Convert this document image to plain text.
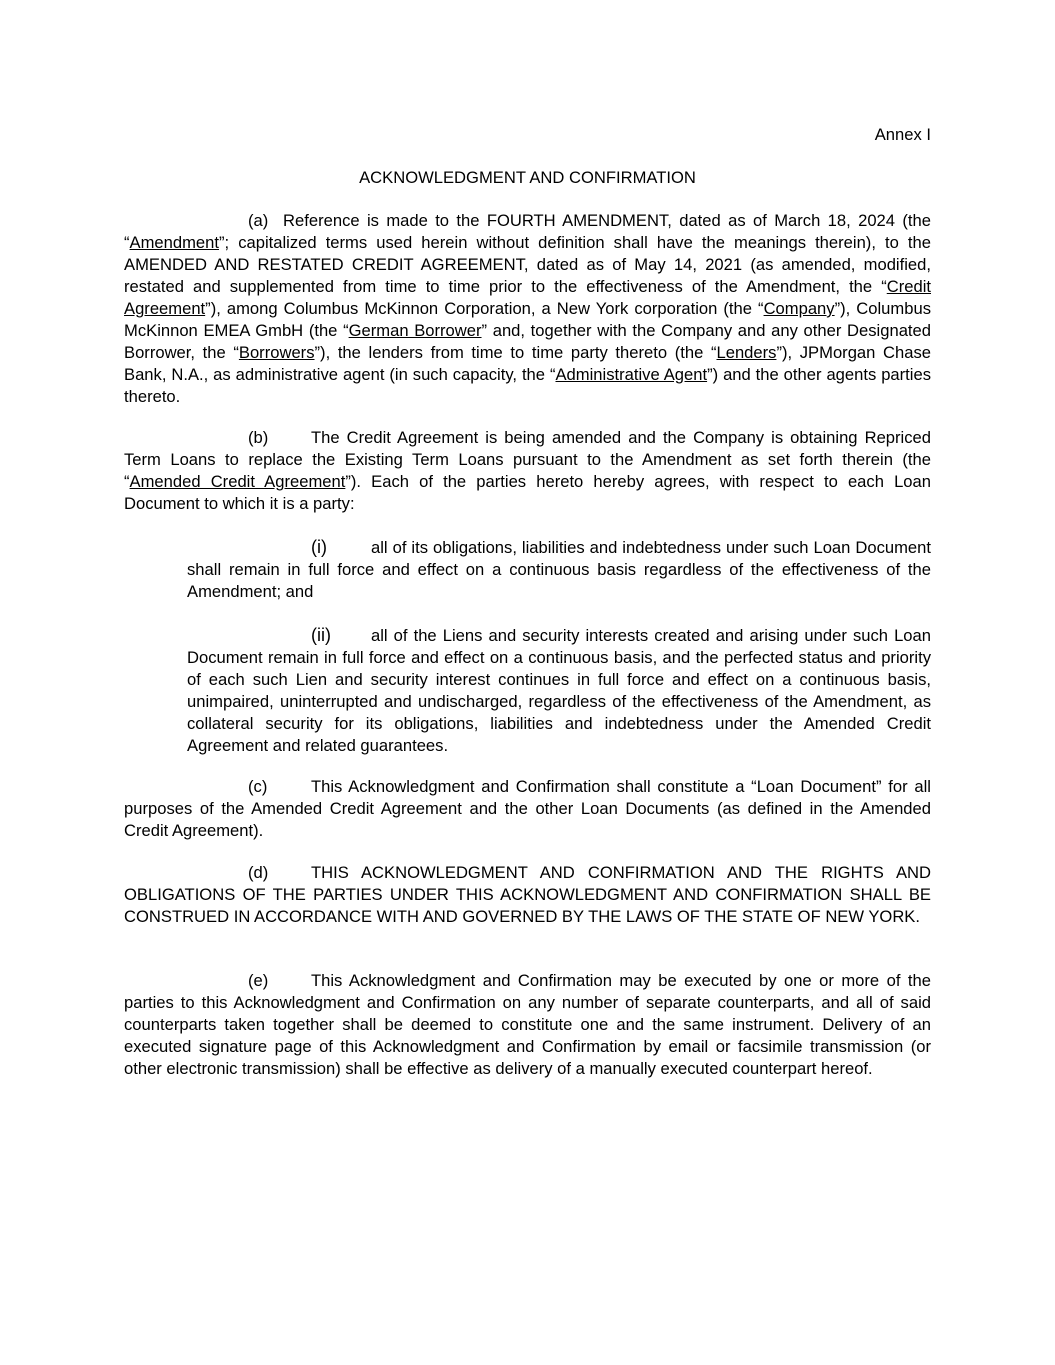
Annex I
ACKNOWLEDGMENT AND CONFIRMATION
(a) Reference is made to the FOURTH AMENDMENT, dated as of March 18, 2024 (the “Amendment”; capitalized terms used herein without definition shall have the meanings therein), to the AMENDED AND RESTATED CREDIT AGREEMENT, dated as of May 14, 2021 (as amended, modified, restated and supplemented from time to time prior to the effectiveness of the Amendment, the “Credit Agreement”), among Columbus McKinnon Corporation, a New York corporation (the “Company”), Columbus McKinnon EMEA GmbH (the “German Borrower” and, together with the Company and any other Designated Borrower, the “Borrowers”), the lenders from time to time party thereto (the “Lenders”), JPMorgan Chase Bank, N.A., as administrative agent (in such capacity, the “Administrative Agent”) and the other agents parties thereto.
(b)	The Credit Agreement is being amended and the Company is obtaining Repriced Term Loans to replace the Existing Term Loans pursuant to the Amendment as set forth therein (the “Amended Credit Agreement”). Each of the parties hereto hereby agrees, with respect to each Loan Document to which it is a party:
(i)	all of its obligations, liabilities and indebtedness under such Loan Document shall remain in full force and effect on a continuous basis regardless of the effectiveness of the Amendment; and
(ii) all of the Liens and security interests created and arising under such Loan Document remain in full force and effect on a continuous basis, and the perfected status and priority of each such Lien and security interest continues in full force and effect on a continuous basis, unimpaired, uninterrupted and undischarged, regardless of the effectiveness of the Amendment, as collateral security for its obligations, liabilities and indebtedness under the Amended Credit Agreement and related guarantees.
(c)	This Acknowledgment and Confirmation shall constitute a “Loan Document” for all purposes of the Amended Credit Agreement and the other Loan Documents (as defined in the Amended Credit Agreement).
(d)	THIS ACKNOWLEDGMENT AND CONFIRMATION AND THE RIGHTS AND OBLIGATIONS OF THE PARTIES UNDER THIS ACKNOWLEDGMENT AND CONFIRMATION SHALL BE CONSTRUED IN ACCORDANCE WITH AND GOVERNED BY THE LAWS OF THE STATE OF NEW YORK.
(e)	This Acknowledgment and Confirmation may be executed by one or more of the parties to this Acknowledgment and Confirmation on any number of separate counterparts, and all of said counterparts taken together shall be deemed to constitute one and the same instrument. Delivery of an executed signature page of this Acknowledgment and Confirmation by email or facsimile transmission (or other electronic transmission) shall be effective as delivery of a manually executed counterpart hereof.
